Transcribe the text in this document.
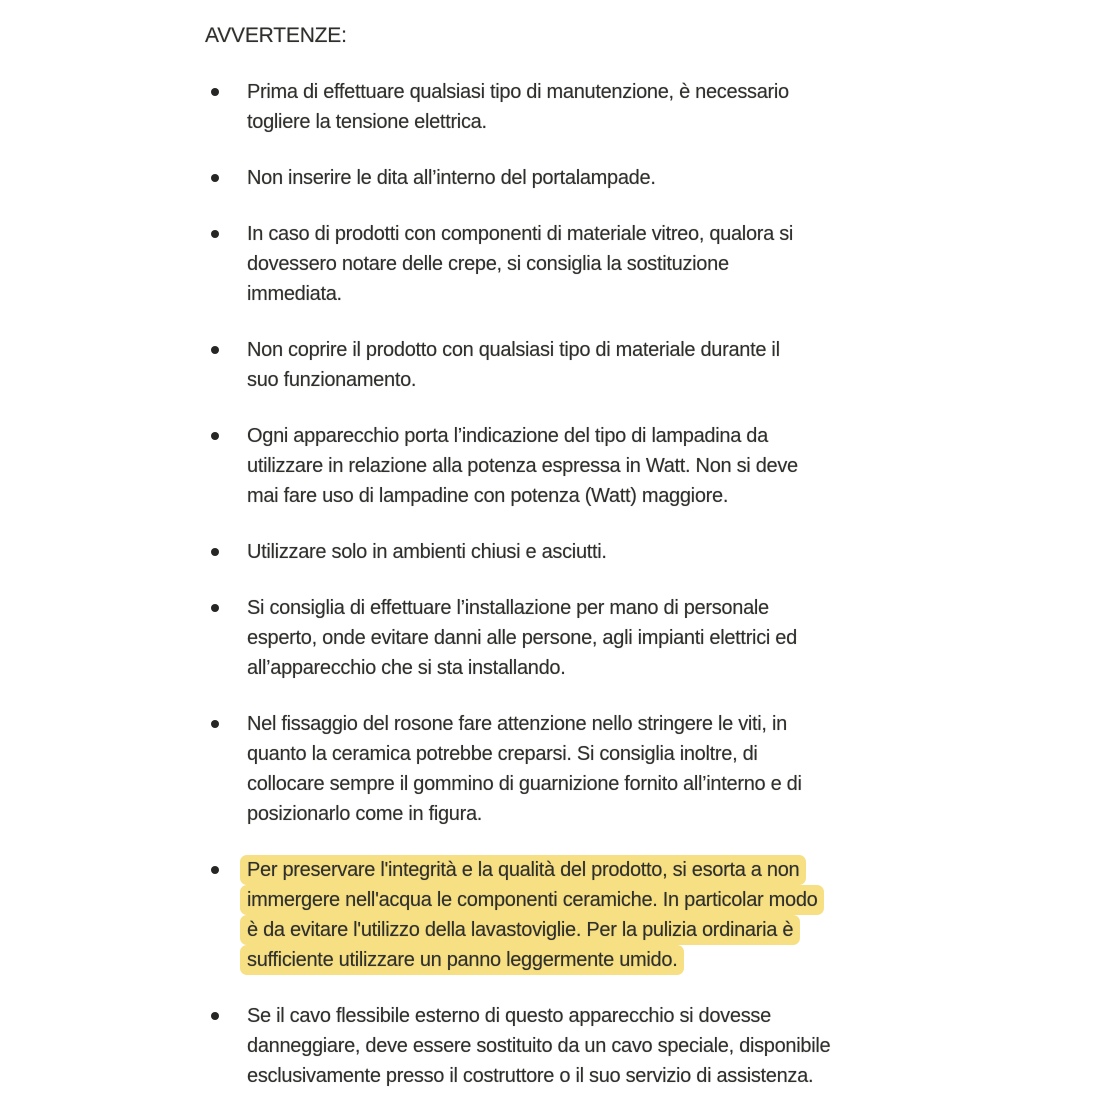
AVVERTENZE:
Prima di effettuare qualsiasi tipo di manutenzione, è necessario
togliere la tensione elettrica.
Non inserire le dita all’interno del portalampade.
In caso di prodotti con componenti di materiale vitreo, qualora si
dovessero notare delle crepe, si consiglia la sostituzione
immediata.
Non coprire il prodotto con qualsiasi tipo di materiale durante il
suo funzionamento.
Ogni apparecchio porta l’indicazione del tipo di lampadina da
utilizzare in relazione alla potenza espressa in Watt. Non si deve
mai fare uso di lampadine con potenza (Watt) maggiore.
Utilizzare solo in ambienti chiusi e asciutti.
Si consiglia di effettuare l’installazione per mano di personale
esperto, onde evitare danni alle persone, agli impianti elettrici ed
all’apparecchio che si sta installando.
Nel fissaggio del rosone fare attenzione nello stringere le viti, in
quanto la ceramica potrebbe creparsi. Si consiglia inoltre, di
collocare sempre il gommino di guarnizione fornito all’interno e di
posizionarlo come in figura.
Per preservare l'integrità e la qualità del prodotto, si esorta a non
immergere nell'acqua le componenti ceramiche. In particolar modo
è da evitare l'utilizzo della lavastoviglie. Per la pulizia ordinaria è
sufficiente utilizzare un panno leggermente umido.
Se il cavo flessibile esterno di questo apparecchio si dovesse
danneggiare, deve essere sostituito da un cavo speciale, disponibile
esclusivamente presso il costruttore o il suo servizio di assistenza.
